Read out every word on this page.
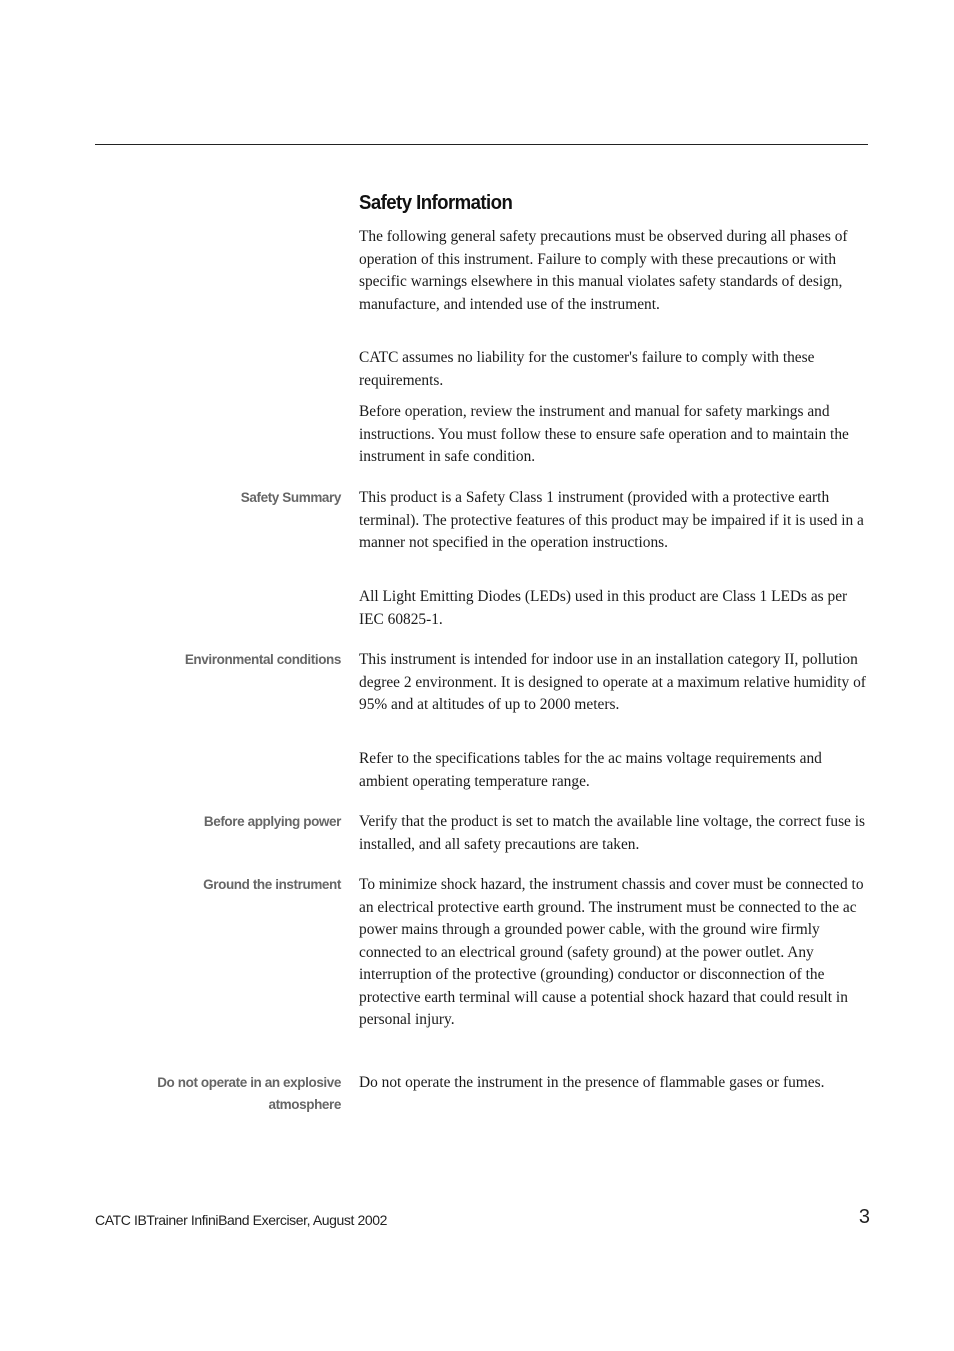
Safety Information

The following general safety precautions must be observed during all phases of operation of this instrument. Failure to comply with these precautions or with specific warnings elsewhere in this manual violates safety standards of design, manufacture, and intended use of the instrument.

CATC assumes no liability for the customer's failure to comply with these requirements.

Before operation, review the instrument and manual for safety markings and instructions. You must follow these to ensure safe operation and to maintain the instrument in safe condition.

Safety Summary This product is a Safety Class 1 instrument (provided with a protective earth terminal). The protective features of this product may be impaired if it is used in a manner not specified in the operation instructions.

All Light Emitting Diodes (LEDs) used in this product are Class 1 LEDs as per IEC 60825-1.

Environmental conditions This instrument is intended for indoor use in an installation category II, pollution degree 2 environment. It is designed to operate at a maximum relative humidity of 95% and at altitudes of up to 2000 meters.

Refer to the specifications tables for the ac mains voltage requirements and ambient operating temperature range.

Before applying power Verify that the product is set to match the available line voltage, the correct fuse is installed, and all safety precautions are taken.

Ground the instrument To minimize shock hazard, the instrument chassis and cover must be connected to an electrical protective earth ground. The instrument must be connected to the ac power mains through a grounded power cable, with the ground wire firmly connected to an electrical ground (safety ground) at the power outlet. Any interruption of the protective (grounding) conductor or disconnection of the protective earth terminal will cause a potential shock hazard that could result in personal injury.

Do not operate in an explosive atmosphere

Do not operate the instrument in the presence of flammable gases or fumes.

CATC IBTrainer InfiniBand Exerciser, August 2002	3
